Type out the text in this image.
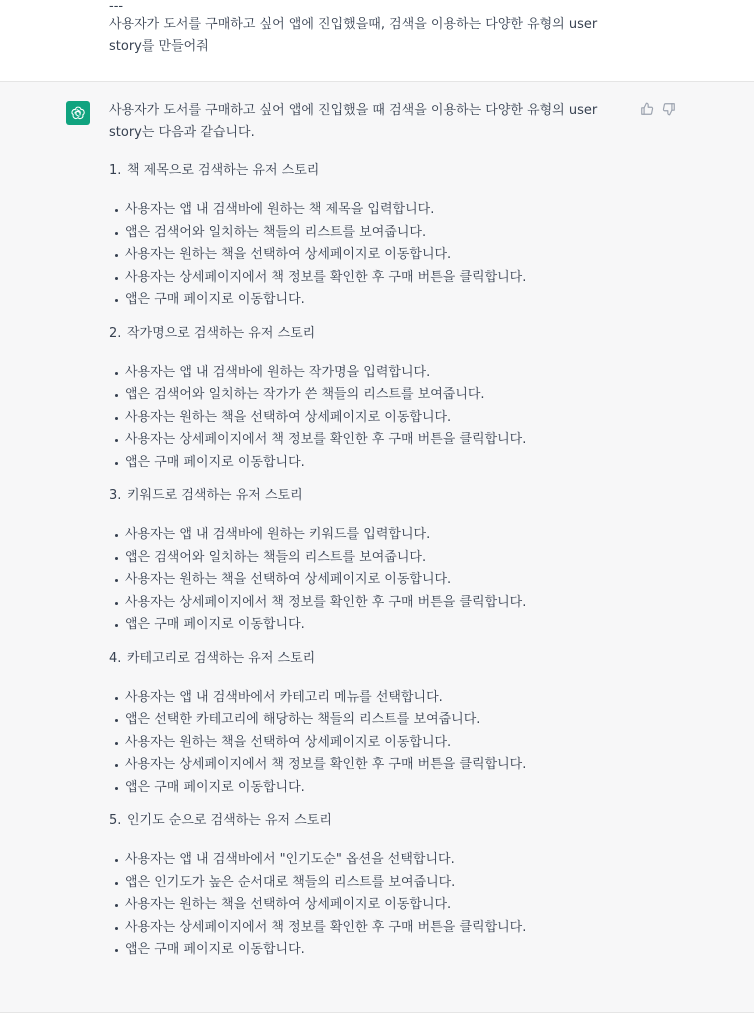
---
사용자가 도서를 구매하고 싶어 앱에 진입했을때, 검색을 이용하는 다양한 유형의 user
story를 만들어줘
사용자가 도서를 구매하고 싶어 앱에 진입했을 때 검색을 이용하는 다양한 유형의 user
story는 다음과 같습니다.
1. 책 제목으로 검색하는 유저 스토리
사용자는 앱 내 검색바에 원하는 책 제목을 입력합니다.
앱은 검색어와 일치하는 책들의 리스트를 보여줍니다.
사용자는 원하는 책을 선택하여 상세페이지로 이동합니다.
사용자는 상세페이지에서 책 정보를 확인한 후 구매 버튼을 클릭합니다.
앱은 구매 페이지로 이동합니다.
2. 작가명으로 검색하는 유저 스토리
사용자는 앱 내 검색바에 원하는 작가명을 입력합니다.
앱은 검색어와 일치하는 작가가 쓴 책들의 리스트를 보여줍니다.
사용자는 원하는 책을 선택하여 상세페이지로 이동합니다.
사용자는 상세페이지에서 책 정보를 확인한 후 구매 버튼을 클릭합니다.
앱은 구매 페이지로 이동합니다.
3. 키워드로 검색하는 유저 스토리
사용자는 앱 내 검색바에 원하는 키워드를 입력합니다.
앱은 검색어와 일치하는 책들의 리스트를 보여줍니다.
사용자는 원하는 책을 선택하여 상세페이지로 이동합니다.
사용자는 상세페이지에서 책 정보를 확인한 후 구매 버튼을 클릭합니다.
앱은 구매 페이지로 이동합니다.
4. 카테고리로 검색하는 유저 스토리
사용자는 앱 내 검색바에서 카테고리 메뉴를 선택합니다.
앱은 선택한 카테고리에 해당하는 책들의 리스트를 보여줍니다.
사용자는 원하는 책을 선택하여 상세페이지로 이동합니다.
사용자는 상세페이지에서 책 정보를 확인한 후 구매 버튼을 클릭합니다.
앱은 구매 페이지로 이동합니다.
5. 인기도 순으로 검색하는 유저 스토리
사용자는 앱 내 검색바에서 "인기도순" 옵션을 선택합니다.
앱은 인기도가 높은 순서대로 책들의 리스트를 보여줍니다.
사용자는 원하는 책을 선택하여 상세페이지로 이동합니다.
사용자는 상세페이지에서 책 정보를 확인한 후 구매 버튼을 클릭합니다.
앱은 구매 페이지로 이동합니다.
